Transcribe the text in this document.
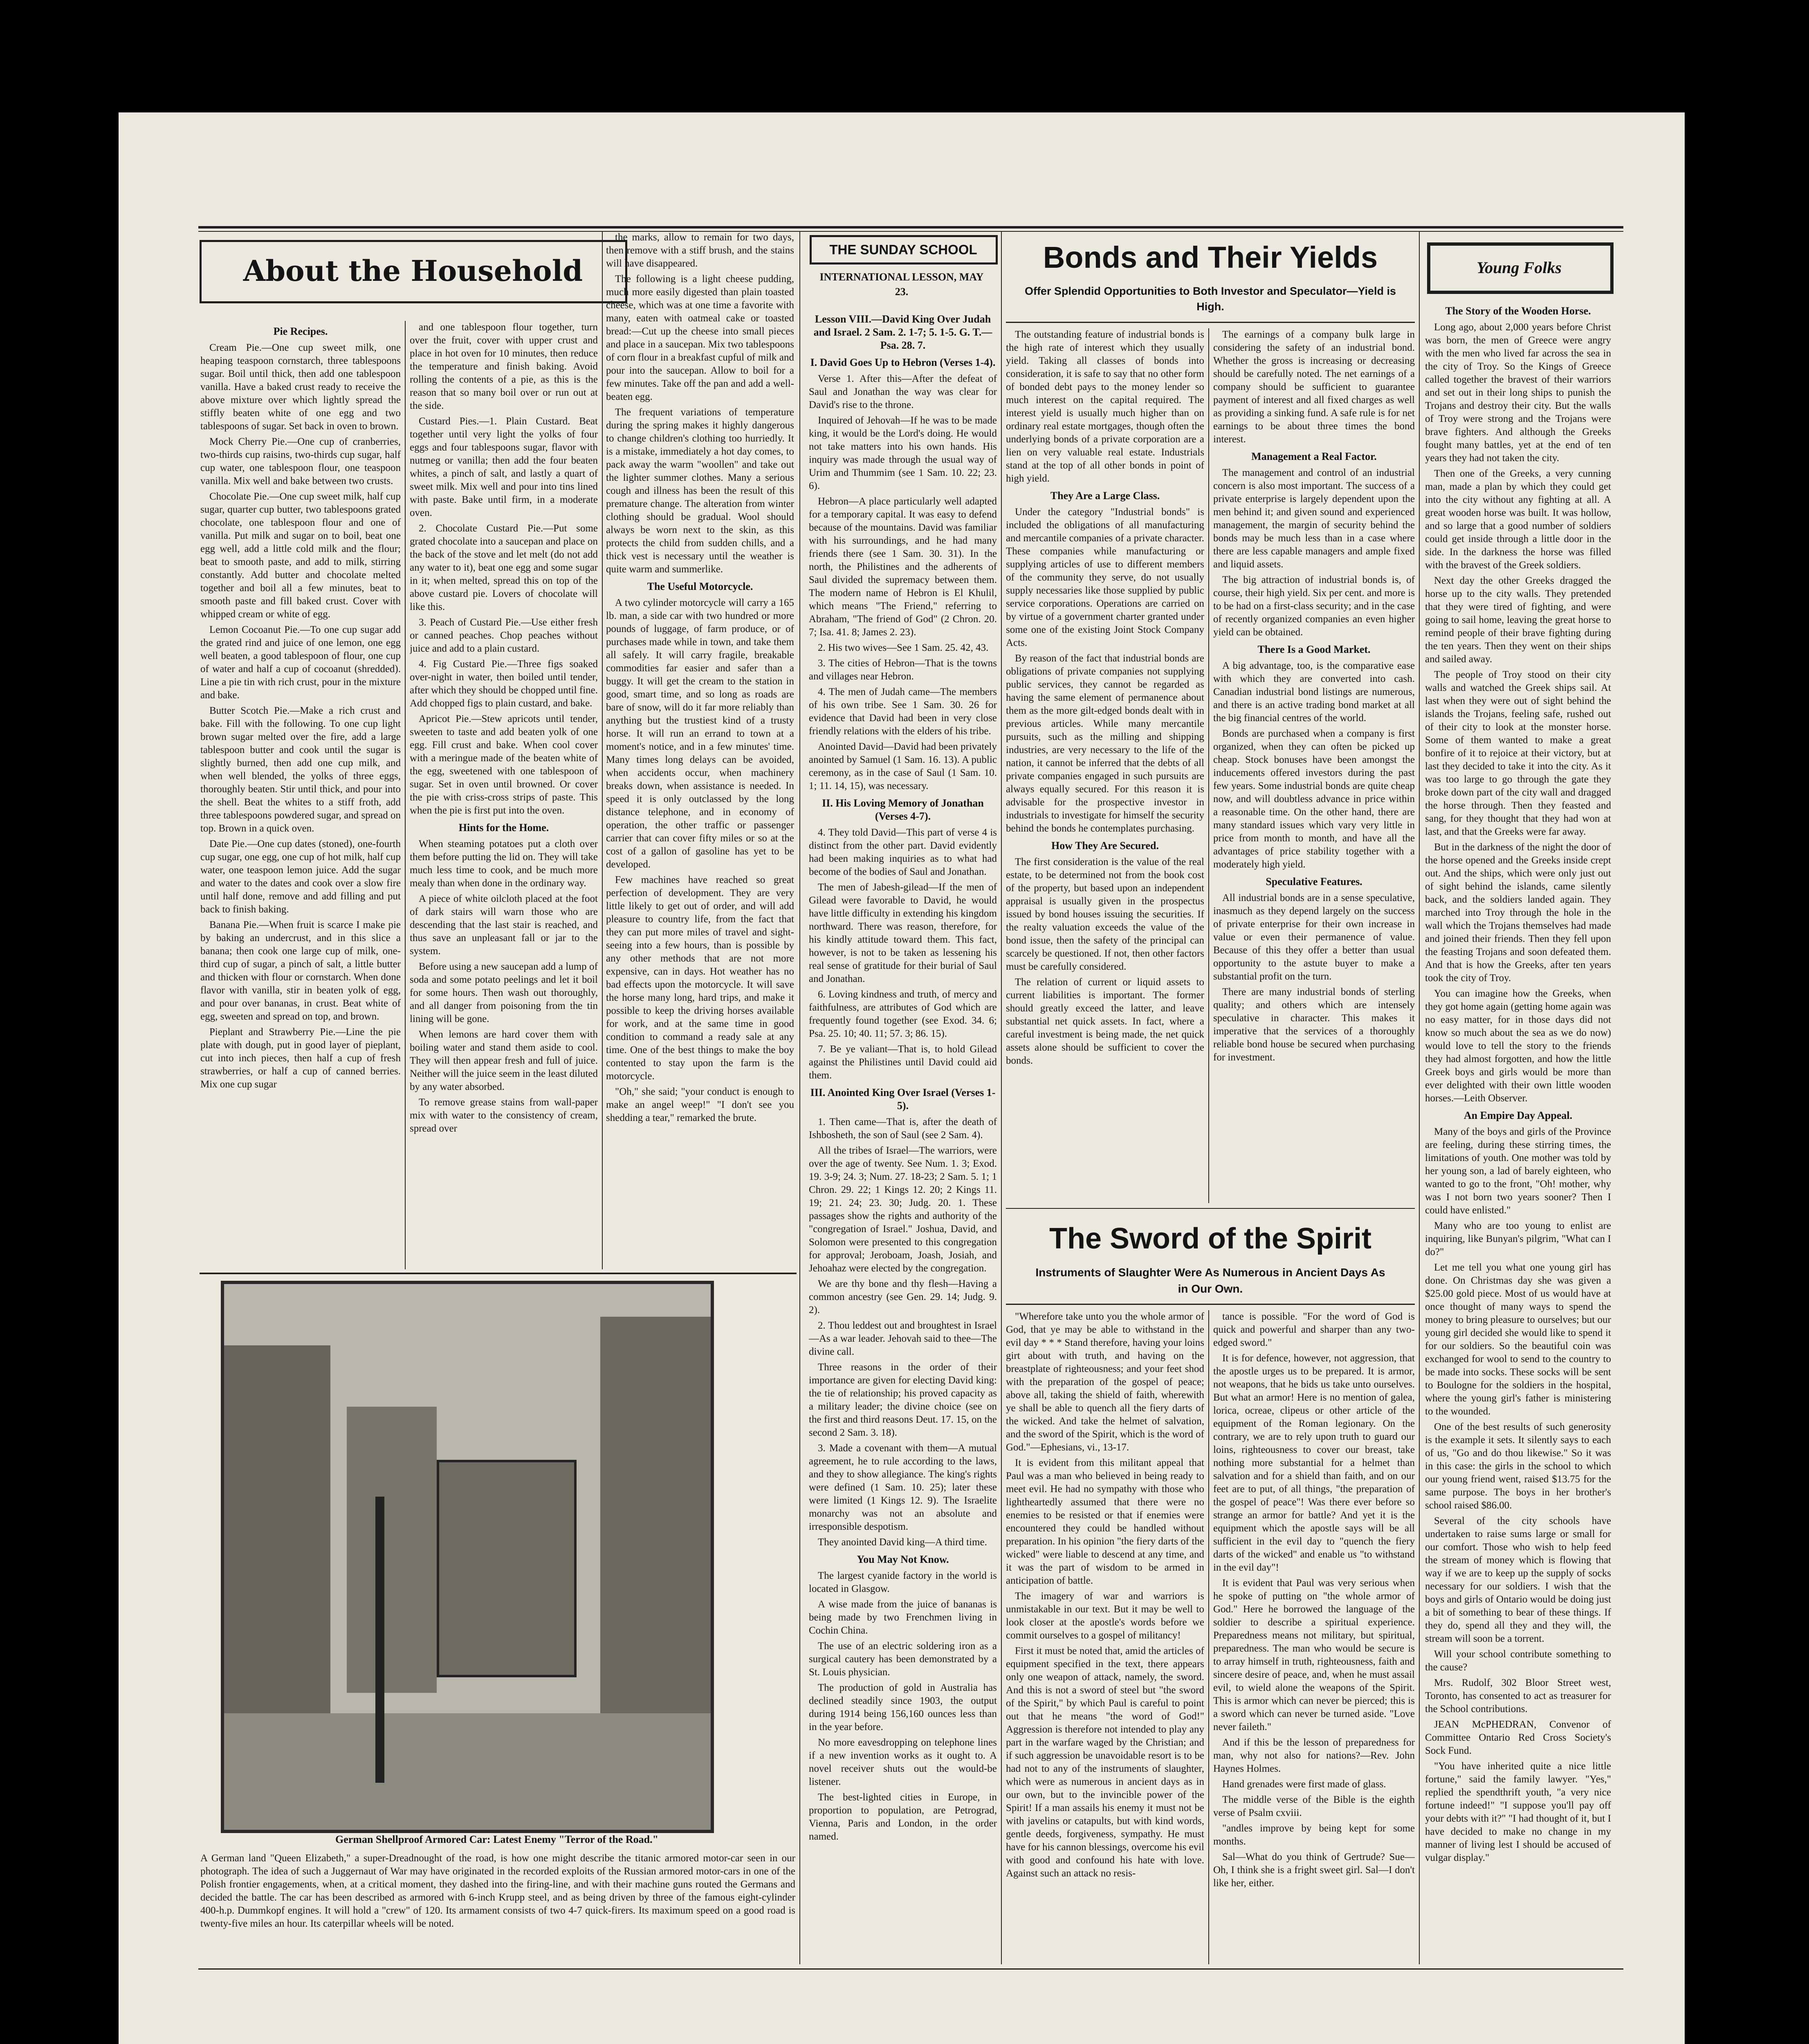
About the Household
Pie Recipes.

Cream Pie.—One cup sweet milk, one heaping teaspoon cornstarch, three tablespoons sugar. Boil until thick, then add one tablespoon vanilla. Have a baked crust ready to receive the above mixture over which lightly spread the stiffly beaten white of one egg and two tablespoons of sugar. Set back in oven to brown.

Mock Cherry Pie.—One cup of cranberries, two-thirds cup raisins, two-thirds cup sugar, half cup water, one tablespoon flour, one teaspoon vanilla. Mix well and bake between two crusts.

Chocolate Pie.—One cup sweet milk, half cup sugar, quarter cup butter, two tablespoons grated chocolate, one tablespoon flour and one of vanilla. Put milk and sugar on to boil, beat one egg well, add a little cold milk and the flour; beat to smooth paste, and add to milk, stirring constantly. Add butter and chocolate melted together and boil all a few minutes, beat to smooth paste and fill baked crust. Cover with whipped cream or white of egg.

Lemon Cocoanut Pie.—To one cup sugar add the grated rind and juice of one lemon, one egg well beaten, a good tablespoon of flour, one cup of water and half a cup of cocoanut (shredded). Line a pie tin with rich crust, pour in the mixture and bake.

Butter Scotch Pie.—Make a rich crust and bake. Fill with the following. To one cup light brown sugar melted over the fire, add a large tablespoon butter and cook until the sugar is slightly burned, then add one cup milk, and when well blended, the yolks of three eggs, thoroughly beaten. Stir until thick, and pour into the shell. Beat the whites to a stiff froth, add three tablespoons powdered sugar, and spread on top. Brown in a quick oven.

Date Pie.—One cup dates (stoned), one-fourth cup sugar, one egg, one cup of hot milk, half cup water, one teaspoon lemon juice. Add the sugar and water to the dates and cook over a slow fire until half done, remove and add filling and put back to finish baking.

Banana Pie.—When fruit is scarce I make pie by baking an undercrust, and in this slice a banana; then cook one large cup of milk, one-third cup of sugar, a pinch of salt, a little butter and thicken with flour or cornstarch. When done flavor with vanilla, stir in beaten yolk of egg, and pour over bananas, in crust. Beat white of egg, sweeten and spread on top, and brown.

Pieplant and Strawberry Pie.—Line the pie plate with dough, put in good layer of pieplant, cut into inch pieces, then half a cup of fresh strawberries, or half a cup of canned berries. Mix one cup sugar

and one tablespoon flour together, turn over the fruit, cover with upper crust and place in hot oven for 10 minutes, then reduce the temperature and finish baking. Avoid rolling the contents of a pie, as this is the reason that so many boil over or run out at the side.

Custard Pies.—1. Plain Custard. Beat together until very light the yolks of four eggs and four tablespoons sugar, flavor with nutmeg or vanilla; then add the four beaten whites, a pinch of salt, and lastly a quart of sweet milk. Mix well and pour into tins lined with paste. Bake until firm, in a moderate oven.

2. Chocolate Custard Pie.—Put some grated chocolate into a saucepan and place on the back of the stove and let melt (do not add any water to it), beat one egg and some sugar in it; when melted, spread this on top of the above custard pie. Lovers of chocolate will like this.

3. Peach of Custard Pie.—Use either fresh or canned peaches. Chop peaches without juice and add to a plain custard.

4. Fig Custard Pie.—Three figs soaked over-night in water, then boiled until tender, after which they should be chopped until fine. Add chopped figs to plain custard, and bake.

Apricot Pie.—Stew apricots until tender, sweeten to taste and add beaten yolk of one egg. Fill crust and bake. When cool cover with a meringue made of the beaten white of the egg, sweetened with one tablespoon of sugar. Set in oven until browned. Or cover the pie with criss-cross strips of paste. This when the pie is first put into the oven.

Hints for the Home.

When steaming potatoes put a cloth over them before putting the lid on. They will take much less time to cook, and be much more mealy than when done in the ordinary way.

A piece of white oilcloth placed at the foot of dark stairs will warn those who are descending that the last stair is reached, and thus save an unpleasant fall or jar to the system.

Before using a new saucepan add a lump of soda and some potato peelings and let it boil for some hours. Then wash out thoroughly, and all danger from poisoning from the tin lining will be gone.

When lemons are hard cover them with boiling water and stand them aside to cool. They will then appear fresh and full of juice. Neither will the juice seem in the least diluted by any water absorbed.

To remove grease stains from wall-paper mix with water to the consistency of cream, spread over

the marks, allow to remain for two days, then remove with a stiff brush, and the stains will have disappeared.

The following is a light cheese pudding, much more easily digested than plain toasted cheese, which was at one time a favorite with many, eaten with oatmeal cake or toasted bread:—Cut up the cheese into small pieces and place in a saucepan. Mix two tablespoons of corn flour in a breakfast cupful of milk and pour into the saucepan. Allow to boil for a few minutes. Take off the pan and add a well-beaten egg.

The frequent variations of temperature during the spring makes it highly dangerous to change children's clothing too hurriedly. It is a mistake, immediately a hot day comes, to pack away the warm "woollen" and take out the lighter summer clothes. Many a serious cough and illness has been the result of this premature change. The alteration from winter clothing should be gradual. Wool should always be worn next to the skin, as this protects the child from sudden chills, and a thick vest is necessary until the weather is quite warm and summerlike.

The Useful Motorcycle.

A two cylinder motorcycle will carry a 165 lb. man, a side car with two hundred or more pounds of luggage, of farm produce, or of purchases made while in town, and take them all safely. It will carry fragile, breakable commodities far easier and safer than a buggy. It will get the cream to the station in good, smart time, and so long as roads are bare of snow, will do it far more reliably than anything but the trustiest kind of a trusty horse. It will run an errand to town at a moment's notice, and in a few minutes' time. Many times long delays can be avoided, when accidents occur, when machinery breaks down, when assistance is needed. In speed it is only outclassed by the long distance telephone, and in economy of operation, the other traffic or passenger carrier that can cover fifty miles or so at the cost of a gallon of gasoline has yet to be developed.

Few machines have reached so great perfection of development. They are very little likely to get out of order, and will add pleasure to country life, from the fact that they can put more miles of travel and sight-seeing into a few hours, than is possible by any other methods that are not more expensive, can in days. Hot weather has no bad effects upon the motorcycle. It will save the horse many long, hard trips, and make it possible to keep the driving horses available for work, and at the same time in good condition to command a ready sale at any time. One of the best things to make the boy contented to stay upon the farm is the motorcycle.

"Oh," she said; "your conduct is enough to make an angel weep!" "I don't see you shedding a tear," remarked the brute.

German Shellproof Armored Car: Latest Enemy "Terror of the Road."
A German land "Queen Elizabeth," a super-Dreadnought of the road, is how one might describe the titanic armored motor-car seen in our photograph. The idea of such a Juggernaut of War may have originated in the recorded exploits of the Russian armored motor-cars in one of the Polish frontier engagements, when, at a critical moment, they dashed into the firing-line, and with their machine guns routed the Germans and decided the battle. The car has been described as armored with 6-inch Krupp steel, and as being driven by three of the famous eight-cylinder 400-h.p. Dummkopf engines. It will hold a "crew" of 120. Its armament consists of two 4-7 quick-firers. Its maximum speed on a good road is twenty-five miles an hour. Its caterpillar wheels will be noted.
THE SUNDAY SCHOOL
INTERNATIONAL LESSON, MAY 23.
Lesson VIII.—David King Over Judah and Israel. 2 Sam. 2. 1-7; 5. 1-5. G. T.—Psa. 28. 7.
I. David Goes Up to Hebron (Verses 1-4).

Verse 1. After this—After the defeat of Saul and Jonathan the way was clear for David's rise to the throne.

Inquired of Jehovah—If he was to be made king, it would be the Lord's doing. He would not take matters into his own hands. His inquiry was made through the usual way of Urim and Thummim (see 1 Sam. 10. 22; 23. 6).

Hebron—A place particularly well adapted for a temporary capital. It was easy to defend because of the mountains. David was familiar with his surroundings, and he had many friends there (see 1 Sam. 30. 31). In the north, the Philistines and the adherents of Saul divided the supremacy between them. The modern name of Hebron is El Khulil, which means "The Friend," referring to Abraham, "The friend of God" (2 Chron. 20. 7; Isa. 41. 8; James 2. 23).

2. His two wives—See 1 Sam. 25. 42, 43.

3. The cities of Hebron—That is the towns and villages near Hebron.

4. The men of Judah came—The members of his own tribe. See 1 Sam. 30. 26 for evidence that David had been in very close friendly relations with the elders of his tribe.

Anointed David—David had been privately anointed by Samuel (1 Sam. 16. 13). A public ceremony, as in the case of Saul (1 Sam. 10. 1; 11. 14, 15), was necessary.

II. His Loving Memory of Jonathan (Verses 4-7).

4. They told David—This part of verse 4 is distinct from the other part. David evidently had been making inquiries as to what had become of the bodies of Saul and Jonathan.

The men of Jabesh-gilead—If the men of Gilead were favorable to David, he would have little difficulty in extending his kingdom northward. There was reason, therefore, for his kindly attitude toward them. This fact, however, is not to be taken as lessening his real sense of gratitude for their burial of Saul and Jonathan.

6. Loving kindness and truth, of mercy and faithfulness, are attributes of God which are frequently found together (see Exod. 34. 6; Psa. 25. 10; 40. 11; 57. 3; 86. 15).

7. Be ye valiant—That is, to hold Gilead against the Philistines until David could aid them.

III. Anointed King Over Israel (Verses 1-5).

1. Then came—That is, after the death of Ishbosheth, the son of Saul (see 2 Sam. 4).

All the tribes of Israel—The warriors, were over the age of twenty. See Num. 1. 3; Exod. 19. 3-9; 24. 3; Num. 27. 18-23; 2 Sam. 5. 1; 1 Chron. 29. 22; 1 Kings 12. 20; 2 Kings 11. 19; 21. 24; 23. 30; Judg. 20. 1. These passages show the rights and authority of the "congregation of Israel." Joshua, David, and Solomon were presented to this congregation for approval; Jeroboam, Joash, Josiah, and Jehoahaz were elected by the congregation.

We are thy bone and thy flesh—Having a common ancestry (see Gen. 29. 14; Judg. 9. 2).

2. Thou leddest out and broughtest in Israel—As a war leader. Jehovah said to thee—The divine call.

Three reasons in the order of their importance are given for electing David king: the tie of relationship; his proved capacity as a military leader; the divine choice (see on the first and third reasons Deut. 17. 15, on the second 2 Sam. 3. 18).

3. Made a covenant with them—A mutual agreement, he to rule according to the laws, and they to show allegiance. The king's rights were defined (1 Sam. 10. 25); later these were limited (1 Kings 12. 9). The Israelite monarchy was not an absolute and irresponsible despotism.

They anointed David king—A third time.

You May Not Know.

The largest cyanide factory in the world is located in Glasgow.

A wise made from the juice of bananas is being made by two Frenchmen living in Cochin China.

The use of an electric soldering iron as a surgical cautery has been demonstrated by a St. Louis physician.

The production of gold in Australia has declined steadily since 1903, the output during 1914 being 156,160 ounces less than in the year before.

No more eavesdropping on telephone lines if a new invention works as it ought to. A novel receiver shuts out the would-be listener.

The best-lighted cities in Europe, in proportion to population, are Petrograd, Vienna, Paris and London, in the order named.

Bonds and Their Yields
Offer Splendid Opportunities to Both Investor and Speculator—Yield is High.

The outstanding feature of industrial bonds is the high rate of interest which they usually yield. Taking all classes of bonds into consideration, it is safe to say that no other form of bonded debt pays to the money lender so much interest on the capital required. The interest yield is usually much higher than on ordinary real estate mortgages, though often the underlying bonds of a private corporation are a lien on very valuable real estate. Industrials stand at the top of all other bonds in point of high yield.

They Are a Large Class.

Under the category "Industrial bonds" is included the obligations of all manufacturing and mercantile companies of a private character. These companies while manufacturing or supplying articles of use to different members of the community they serve, do not usually supply necessaries like those supplied by public service corporations. Operations are carried on by virtue of a government charter granted under some one of the existing Joint Stock Company Acts.

By reason of the fact that industrial bonds are obligations of private companies not supplying public services, they cannot be regarded as having the same element of permanence about them as the more gilt-edged bonds dealt with in previous articles. While many mercantile pursuits, such as the milling and shipping industries, are very necessary to the life of the nation, it cannot be inferred that the debts of all private companies engaged in such pursuits are always equally secured. For this reason it is advisable for the prospective investor in industrials to investigate for himself the security behind the bonds he contemplates purchasing.

How They Are Secured.

The first consideration is the value of the real estate, to be determined not from the book cost of the property, but based upon an independent appraisal is usually given in the prospectus issued by bond houses issuing the securities. If the realty valuation exceeds the value of the bond issue, then the safety of the principal can scarcely be questioned. If not, then other factors must be carefully considered.

The relation of current or liquid assets to current liabilities is important. The former should greatly exceed the latter, and leave substantial net quick assets. In fact, where a careful investment is being made, the net quick assets alone should be sufficient to cover the bonds.

The earnings of a company bulk large in considering the safety of an industrial bond. Whether the gross is increasing or decreasing should be carefully noted. The net earnings of a company should be sufficient to guarantee payment of interest and all fixed charges as well as providing a sinking fund. A safe rule is for net earnings to be about three times the bond interest.

Management a Real Factor.

The management and control of an industrial concern is also most important. The success of a private enterprise is largely dependent upon the men behind it; and given sound and experienced management, the margin of security behind the bonds may be much less than in a case where there are less capable managers and ample fixed and liquid assets.

The big attraction of industrial bonds is, of course, their high yield. Six per cent. and more is to be had on a first-class security; and in the case of recently organized companies an even higher yield can be obtained.

There Is a Good Market.

A big advantage, too, is the comparative ease with which they are converted into cash. Canadian industrial bond listings are numerous, and there is an active trading bond market at all the big financial centres of the world.

Bonds are purchased when a company is first organized, when they can often be picked up cheap. Stock bonuses have been amongst the inducements offered investors during the past few years. Some industrial bonds are quite cheap now, and will doubtless advance in price within a reasonable time. On the other hand, there are many standard issues which vary very little in price from month to month, and have all the advantages of price stability together with a moderately high yield.

Speculative Features.

All industrial bonds are in a sense speculative, inasmuch as they depend largely on the success of private enterprise for their own increase in value or even their permanence of value. Because of this they offer a better than usual opportunity to the astute buyer to make a substantial profit on the turn.

There are many industrial bonds of sterling quality; and others which are intensely speculative in character. This makes it imperative that the services of a thoroughly reliable bond house be secured when purchasing for investment.

The Sword of the Spirit
Instruments of Slaughter Were As Numerous in Ancient Days As in Our Own.

"Wherefore take unto you the whole armor of God, that ye may be able to withstand in the evil day * * * Stand therefore, having your loins girt about with truth, and having on the breastplate of righteousness; and your feet shod with the preparation of the gospel of peace; above all, taking the shield of faith, wherewith ye shall be able to quench all the fiery darts of the wicked. And take the helmet of salvation, and the sword of the Spirit, which is the word of God."—Ephesians, vi., 13-17.

It is evident from this militant appeal that Paul was a man who believed in being ready to meet evil. He had no sympathy with those who lightheartedly assumed that there were no enemies to be resisted or that if enemies were encountered they could be handled without preparation. In his opinion "the fiery darts of the wicked" were liable to descend at any time, and it was the part of wisdom to be armed in anticipation of battle.

The imagery of war and warriors is unmistakable in our text. But it may be well to look closer at the apostle's words before we commit ourselves to a gospel of militancy!

First it must be noted that, amid the articles of equipment specified in the text, there appears only one weapon of attack, namely, the sword. And this is not a sword of steel but "the sword of the Spirit," by which Paul is careful to point out that he means "the word of God!" Aggression is therefore not intended to play any part in the warfare waged by the Christian; and if such aggression be unavoidable resort is to be had not to any of the instruments of slaughter, which were as numerous in ancient days as in our own, but to the invincible power of the Spirit! If a man assails his enemy it must not be with javelins or catapults, but with kind words, gentle deeds, forgiveness, sympathy. He must have for his cannon blessings, overcome his evil with good and confound his hate with love. Against such an attack no resis-

tance is possible. "For the word of God is quick and powerful and sharper than any two-edged sword."

It is for defence, however, not aggression, that the apostle urges us to be prepared. It is armor, not weapons, that he bids us take unto ourselves. But what an armor! Here is no mention of galea, lorica, ocreae, clipeus or other article of the equipment of the Roman legionary. On the contrary, we are to rely upon truth to guard our loins, righteousness to cover our breast, take nothing more substantial for a helmet than salvation and for a shield than faith, and on our feet are to put, of all things, "the preparation of the gospel of peace"! Was there ever before so strange an armor for battle? And yet it is the equipment which the apostle says will be all sufficient in the evil day to "quench the fiery darts of the wicked" and enable us "to withstand in the evil day"!

It is evident that Paul was very serious when he spoke of putting on "the whole armor of God." Here he borrowed the language of the soldier to describe a spiritual experience. Preparedness means not military, but spiritual, preparedness. The man who would be secure is to array himself in truth, righteousness, faith and sincere desire of peace, and, when he must assail evil, to wield alone the weapons of the Spirit. This is armor which can never be pierced; this is a sword which can never be turned aside. "Love never faileth."

And if this be the lesson of preparedness for man, why not also for nations?—Rev. John Haynes Holmes.

Hand grenades were first made of glass.

The middle verse of the Bible is the eighth verse of Psalm cxviii.

"andles improve by being kept for some months.

Sal—What do you think of Gertrude? Sue—Oh, I think she is a fright sweet girl. Sal—I don't like her, either.

Young Folks
The Story of the Wooden Horse.

Long ago, about 2,000 years before Christ was born, the men of Greece were angry with the men who lived far across the sea in the city of Troy. So the Kings of Greece called together the bravest of their warriors and set out in their long ships to punish the Trojans and destroy their city. But the walls of Troy were strong and the Trojans were brave fighters. And although the Greeks fought many battles, yet at the end of ten years they had not taken the city.

Then one of the Greeks, a very cunning man, made a plan by which they could get into the city without any fighting at all. A great wooden horse was built. It was hollow, and so large that a good number of soldiers could get inside through a little door in the side. In the darkness the horse was filled with the bravest of the Greek soldiers.

Next day the other Greeks dragged the horse up to the city walls. They pretended that they were tired of fighting, and were going to sail home, leaving the great horse to remind people of their brave fighting during the ten years. Then they went on their ships and sailed away.

The people of Troy stood on their city walls and watched the Greek ships sail. At last when they were out of sight behind the islands the Trojans, feeling safe, rushed out of their city to look at the monster horse. Some of them wanted to make a great bonfire of it to rejoice at their victory, but at last they decided to take it into the city. As it was too large to go through the gate they broke down part of the city wall and dragged the horse through. Then they feasted and sang, for they thought that they had won at last, and that the Greeks were far away.

But in the darkness of the night the door of the horse opened and the Greeks inside crept out. And the ships, which were only just out of sight behind the islands, came silently back, and the soldiers landed again. They marched into Troy through the hole in the wall which the Trojans themselves had made and joined their friends. Then they fell upon the feasting Trojans and soon defeated them. And that is how the Greeks, after ten years took the city of Troy.

You can imagine how the Greeks, when they got home again (getting home again was no easy matter, for in those days did not know so much about the sea as we do now) would love to tell the story to the friends they had almost forgotten, and how the little Greek boys and girls would be more than ever delighted with their own little wooden horses.—Leith Observer.

An Empire Day Appeal.

Many of the boys and girls of the Province are feeling, during these stirring times, the limitations of youth. One mother was told by her young son, a lad of barely eighteen, who wanted to go to the front, "Oh! mother, why was I not born two years sooner? Then I could have enlisted."

Many who are too young to enlist are inquiring, like Bunyan's pilgrim, "What can I do?"

Let me tell you what one young girl has done. On Christmas day she was given a $25.00 gold piece. Most of us would have at once thought of many ways to spend the money to bring pleasure to ourselves; but our young girl decided she would like to spend it for our soldiers. So the beautiful coin was exchanged for wool to send to the country to be made into socks. These socks will be sent to Boulogne for the soldiers in the hospital, where the young girl's father is ministering to the wounded.

One of the best results of such generosity is the example it sets. It silently says to each of us, "Go and do thou likewise." So it was in this case: the girls in the school to which our young friend went, raised $13.75 for the same purpose. The boys in her brother's school raised $86.00.

Several of the city schools have undertaken to raise sums large or small for our comfort. Those who wish to help feed the stream of money which is flowing that way if we are to keep up the supply of socks necessary for our soldiers. I wish that the boys and girls of Ontario would be doing just a bit of something to bear of these things. If they do, spend all they and they will, the stream will soon be a torrent.

Will your school contribute something to the cause?

Mrs. Rudolf, 302 Bloor Street west, Toronto, has consented to act as treasurer for the School contributions.

JEAN McPHEDRAN, Convenor of Committee Ontario Red Cross Society's Sock Fund.

"You have inherited quite a nice little fortune," said the family lawyer. "Yes," replied the spendthrift youth, "a very nice fortune indeed!" "I suppose you'll pay off your debts with it?" "I had thought of it, but I have decided to make no change in my manner of living lest I should be accused of vulgar display."
